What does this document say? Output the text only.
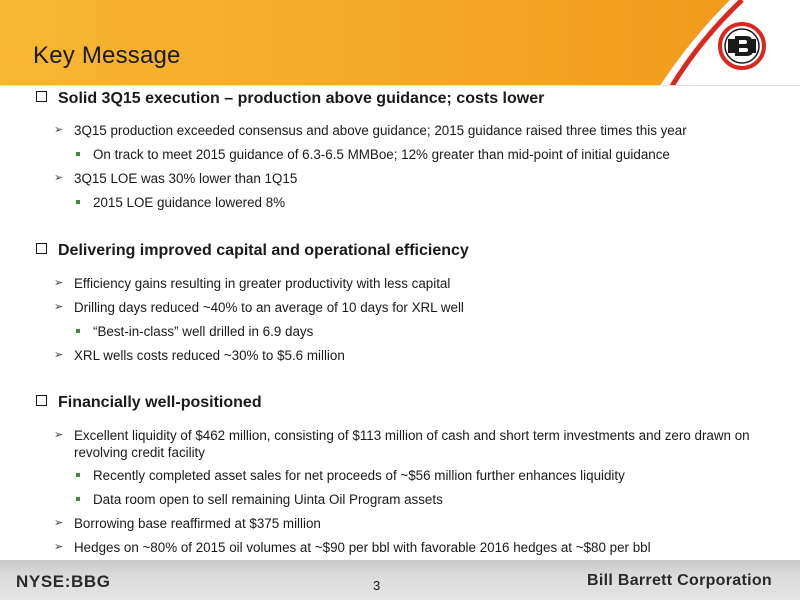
Key Message
Solid 3Q15 execution – production above guidance; costs lower
➢ 3Q15 production exceeded consensus and above guidance; 2015 guidance raised three times this year
On track to meet 2015 guidance of 6.3-6.5 MMBoe; 12% greater than mid-point of initial guidance
➢ 3Q15 LOE was 30% lower than 1Q15
2015 LOE guidance lowered 8%
Delivering improved capital and operational efficiency
➢ Efficiency gains resulting in greater productivity with less capital
➢ Drilling days reduced ~40% to an average of 10 days for XRL well
“Best-in-class” well drilled in 6.9 days
➢ XRL wells costs reduced ~30% to $5.6 million
Financially well-positioned
➢ Excellent liquidity of $462 million, consisting of $113 million of cash and short term investments and zero drawn on revolving credit facility
Recently completed asset sales for net proceeds of ~$56 million further enhances liquidity
Data room open to sell remaining Uinta Oil Program assets
➢ Borrowing base reaffirmed at $375 million
➢ Hedges on ~80% of 2015 oil volumes at ~$90 per bbl with favorable 2016 hedges at ~$80 per bbl
NYSE:BBG	3	Bill Barrett Corporation
